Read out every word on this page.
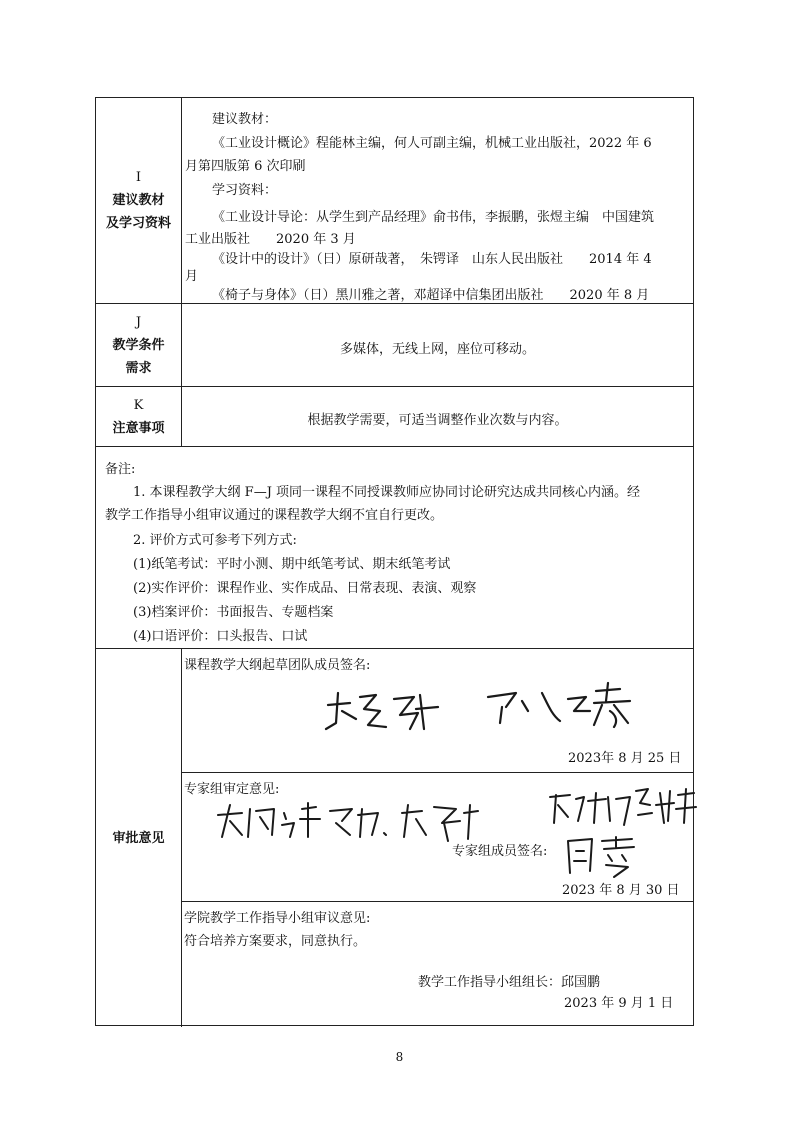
I
建议教材
及学习资料
建议教材：
《工业设计概论》程能林主编，何人可副主编，机械工业出版社，2022 年 6
月第四版第 6 次印刷
学习资料：
《工业设计导论：从学生到产品经理》俞书伟，李振鹏，张煜主编　中国建筑
工业出版社　　2020 年 3 月
《设计中的设计》（日）原研哉著，　朱锷译　山东人民出版社　　2014 年 4
月
《椅子与身体》（日）黑川雅之著，邓超译中信集团出版社　　2020 年 8 月
J
教学条件
需求
多媒体，无线上网，座位可移动。
K
注意事项	根据教学需要，可适当调整作业次数与内容。
备注:
1. 本课程教学大纲 F—J 项同一课程不同授课教师应协同讨论研究达成共同核心内涵。经
教学工作指导小组审议通过的课程教学大纲不宜自行更改。
2. 评价方式可参考下列方式:
(1)纸笔考试：平时小测、期中纸笔考试、期末纸笔考试
(2)实作评价：课程作业、实作成品、日常表现、表演、观察
(3)档案评价：书面报告、专题档案
(4)口语评价：口头报告、口试
审批意见
课程教学大纲起草团队成员签名:
2023年 8 月 25 日
专家组审定意见:
专家组成员签名:
2023 年 8 月 30 日
学院教学工作指导小组审议意见:
符合培养方案要求，同意执行。
教学工作指导小组组长：邱国鹏
2023 年 9 月 1 日
8
